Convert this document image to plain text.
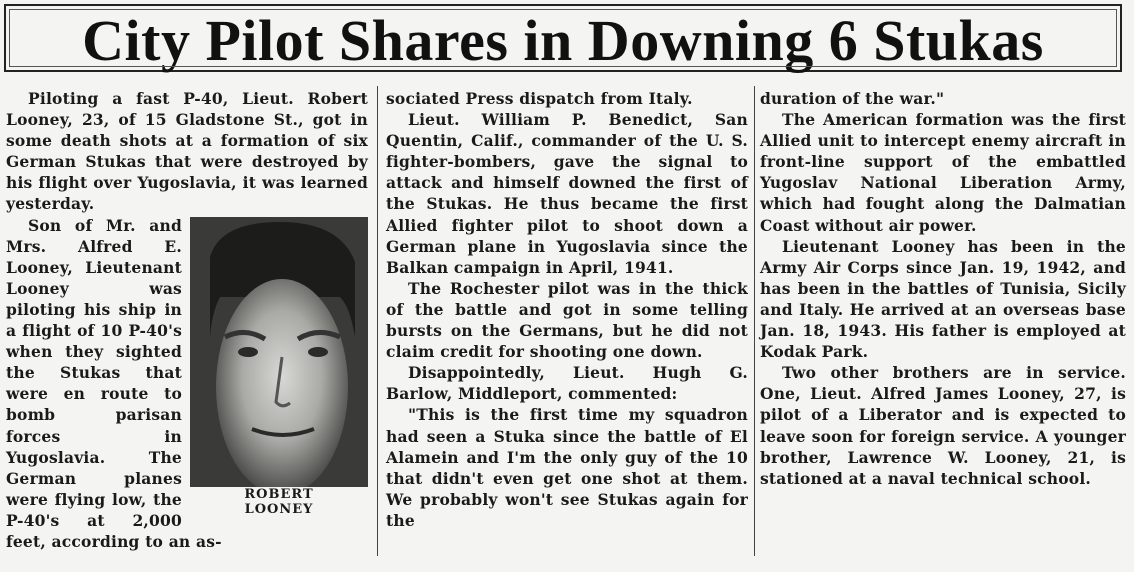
City Pilot Shares in Downing 6 Stukas

Piloting a fast P-40, Lieut. Robert Looney, 23, of 15 Gladstone St., got in some death shots at a formation of six German Stukas that were destroyed by his flight over Yugoslavia, it was learned yesterday.

ROBERT
LOONEY

Son of Mr. and Mrs. Alfred E. Looney, Lieutenant Looney was piloting his ship in a flight of 10 P-40's when they sighted the Stukas that were en route to bomb parisan forces in Yugoslavia. The German planes were flying low, the P-40's at 2,000 feet, according to an as-

sociated Press dispatch from Italy.

Lieut. William P. Benedict, San Quentin, Calif., commander of the U. S. fighter-bombers, gave the signal to attack and himself downed the first of the Stukas. He thus became the first Allied fighter pilot to shoot down a German plane in Yugoslavia since the Balkan campaign in April, 1941.

The Rochester pilot was in the thick of the battle and got in some telling bursts on the Germans, but he did not claim credit for shooting one down.

Disappointedly, Lieut. Hugh G. Barlow, Middleport, commented:

"This is the first time my squadron had seen a Stuka since the battle of El Alamein and I'm the only guy of the 10 that didn't even get one shot at them. We probably won't see Stukas again for the

duration of the war."

The American formation was the first Allied unit to intercept enemy aircraft in front-line support of the embattled Yugoslav National Liberation Army, which had fought along the Dalmatian Coast without air power.

Lieutenant Looney has been in the Army Air Corps since Jan. 19, 1942, and has been in the battles of Tunisia, Sicily and Italy. He arrived at an overseas base Jan. 18, 1943. His father is employed at Kodak Park.

Two other brothers are in service. One, Lieut. Alfred James Looney, 27, is pilot of a Liberator and is expected to leave soon for foreign service. A younger brother, Lawrence W. Looney, 21, is stationed at a naval technical school.
